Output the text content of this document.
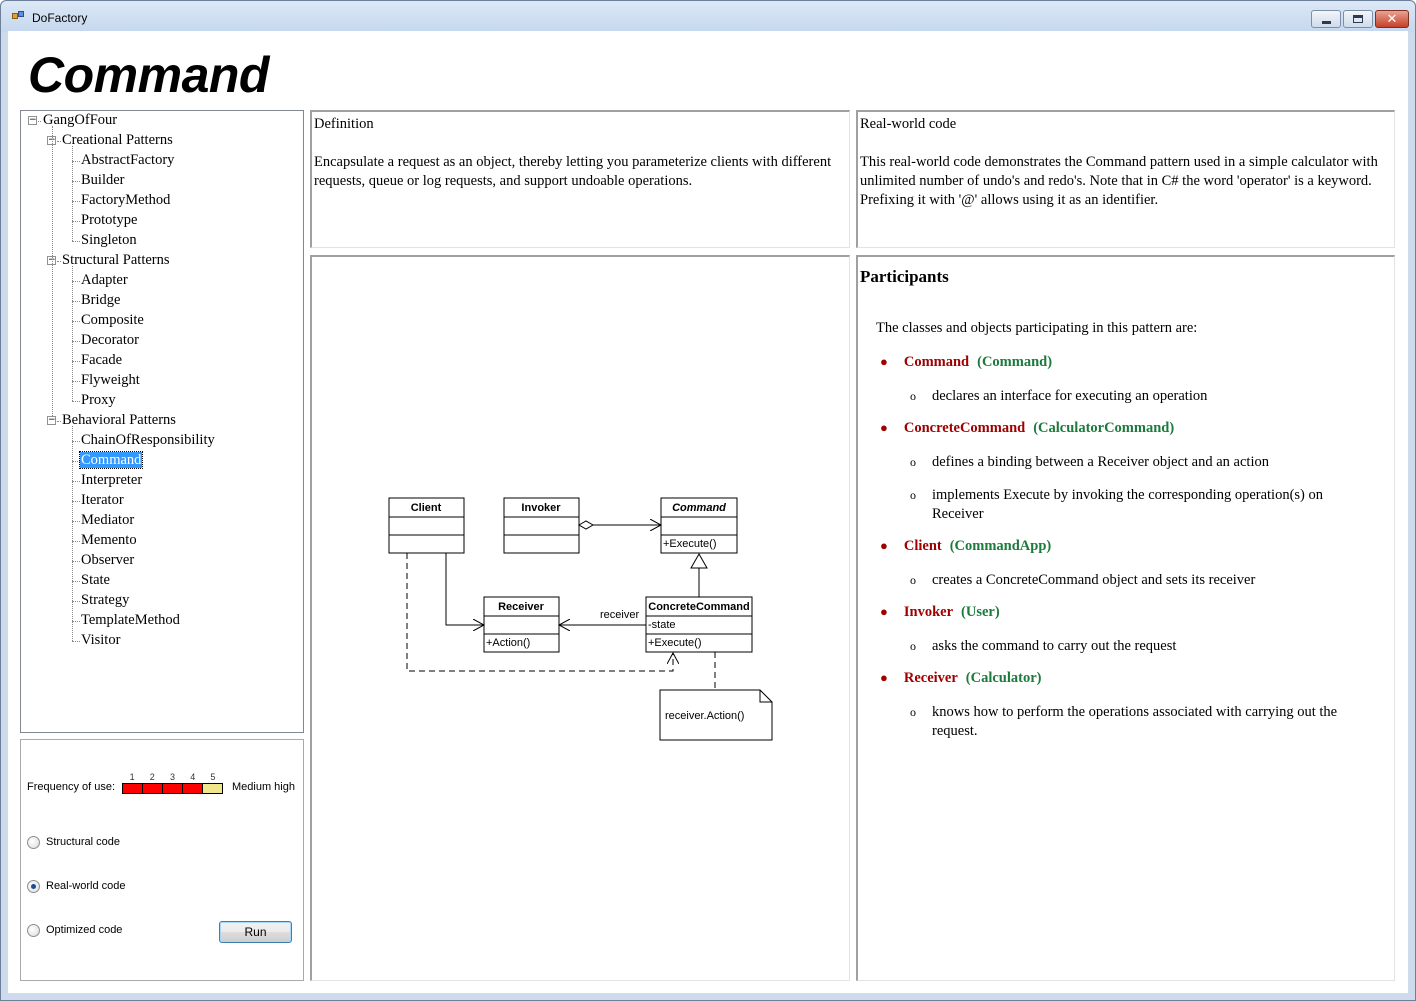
DoFactory	✕
Command
− GangOfFour
− Creational Patterns
AbstractFactory
Builder
FactoryMethod
Prototype
Singleton
− Structural Patterns
Adapter
Bridge
Composite
Decorator
Facade
Flyweight
Proxy
− Behavioral Patterns
ChainOfResponsibility
Command
Interpreter
Iterator
Mediator
Memento
Observer
State
Strategy
TemplateMethod
Visitor
Frequency of use:
1	2	3	4	5
Medium high
Structural code
Real-world code
Optimized code	Run
Definition
Encapsulate a request as an object, thereby letting you parameterize clients with different requests, queue or log requests, and support undoable operations.
Real-world code
This real-world code demonstrates the Command pattern used in a simple calculator with unlimited number of undo's and redo's. Note that in C# the word 'operator' is a keyword. Prefixing it with '@' allows using it as an identifier.
Client	Invoker	Command
+Execute()
Receiver
+Action()
ConcreteCommand
-state
+Execute()
receiver
receiver.Action()
Participants
The classes and objects participating in this pattern are:
● Command (Command)
o declares an interface for executing an operation
● ConcreteCommand (CalculatorCommand)
o defines a binding between a Receiver object and an action
o implements Execute by invoking the corresponding operation(s) on Receiver
● Client (CommandApp)
o creates a ConcreteCommand object and sets its receiver
● Invoker (User)
o asks the command to carry out the request
● Receiver (Calculator)
o knows how to perform the operations associated with carrying out the request.
